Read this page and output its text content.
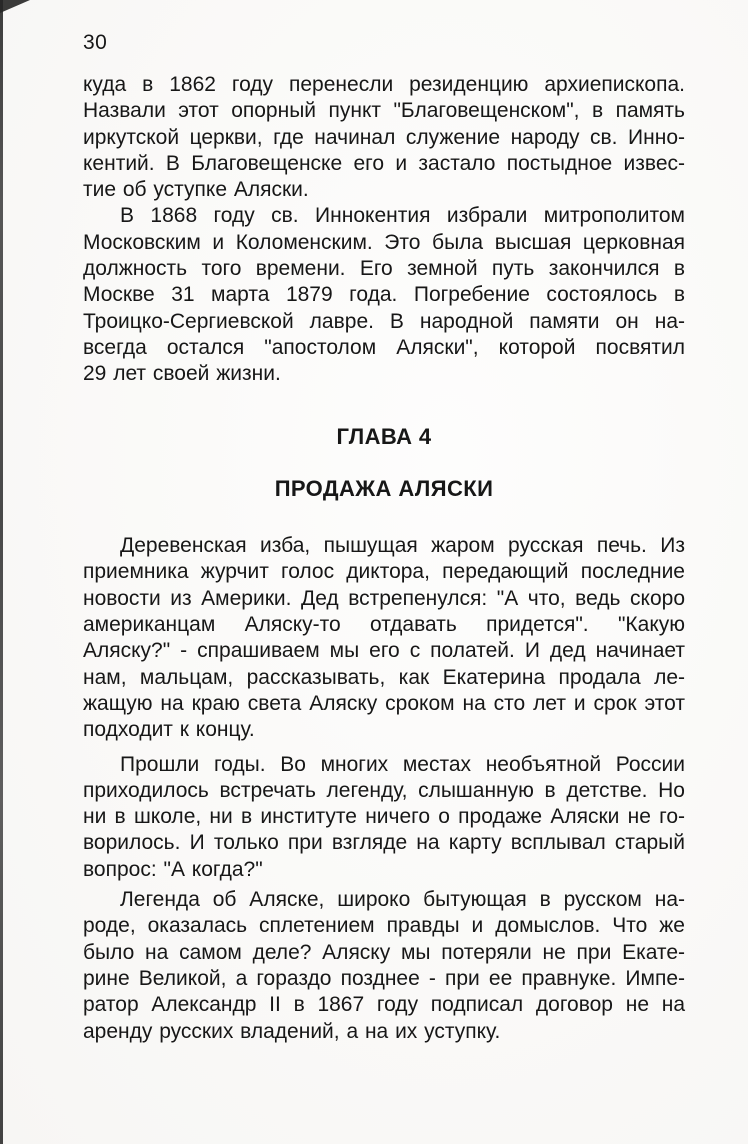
30
куда в 1862 году перенесли резиденцию архиепископа.
Назвали этот опорный пункт "Благовещенском", в память
иркутской церкви, где начинал служение народу св. Инно-
кентий. В Благовещенске его и застало постыдное извес-
тие об уступке Аляски.
В 1868 году св. Иннокентия избрали митрополитом
Московским и Коломенским. Это была высшая церковная
должность того времени. Его земной путь закончился в
Москве 31 марта 1879 года. Погребение состоялось в
Троицко-Сергиевской лавре. В народной памяти он на-
всегда остался "апостолом Аляски", которой посвятил
29 лет своей жизни.
ГЛАВА 4
ПРОДАЖА АЛЯСКИ
Деревенская изба, пышущая жаром русская печь. Из
приемника журчит голос диктора, передающий последние
новости из Америки. Дед встрепенулся: "А что, ведь скоро
американцам Аляску-то отдавать придется". "Какую
Аляску?" - спрашиваем мы его с полатей. И дед начинает
нам, мальцам, рассказывать, как Екатерина продала ле-
жащую на краю света Аляску сроком на сто лет и срок этот
подходит к концу.
Прошли годы. Во многих местах необъятной России
приходилось встречать легенду, слышанную в детстве. Но
ни в школе, ни в институте ничего о продаже Аляски не го-
ворилось. И только при взгляде на карту всплывал старый
вопрос: "А когда?"
Легенда об Аляске, широко бытующая в русском на-
роде, оказалась сплетением правды и домыслов. Что же
было на самом деле? Аляску мы потеряли не при Екате-
рине Великой, а гораздо позднее - при ее правнуке. Импе-
ратор Александр II в 1867 году подписал договор не на
аренду русских владений, а на их уступку.
